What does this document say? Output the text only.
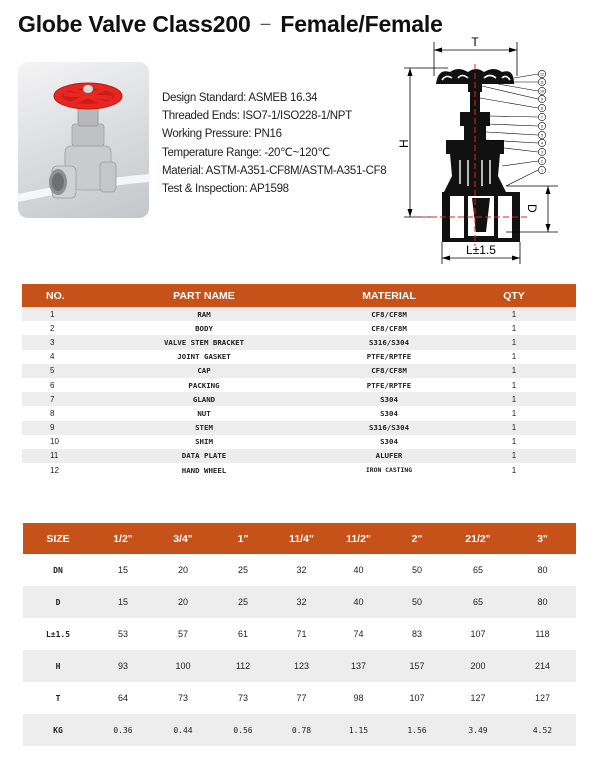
Globe Valve Class200 – Female/Female
Design Standard: ASMEB 16.34
Threaded Ends: ISO7-1/ISO228-1/NPT
Working Pressure: PN16
Temperature Range: -20℃~120℃
Material: ASTM-A351-CF8M/ASTM-A351-CF8
Test & Inspection: AP1598
T
H
D
L±1.5
12
11
10
9
8
7
6
5
4
3
2
1
NO.	PART NAME	MATERIAL	QTY
1	RAM	CF8/CF8M	1
2	BODY	CF8/CF8M	1
3	VALVE STEM BRACKET	S316/S304	1
4	JOINT GASKET	PTFE/RPTFE	1
5	CAP	CF8/CF8M	1
6	PACKING	PTFE/RPTFE	1
7	GLAND	S304	1
8	NUT	S304	1
9	STEM	S316/S304	1
10	SHIM	S304	1
11	DATA PLATE	ALUFER	1
12	HAND WHEEL	IRON CASTING	1
SIZE	1/2"	3/4"	1"	11/4"	11/2"	2"	21/2"	3"
DN	15	20	25	32	40	50	65	80
D	15	20	25	32	40	50	65	80
L±1.5	53	57	61	71	74	83	107	118
H	93	100	112	123	137	157	200	214
T	64	73	73	77	98	107	127	127
KG	0.36	0.44	0.56	0.78	1.15	1.56	3.49	4.52
